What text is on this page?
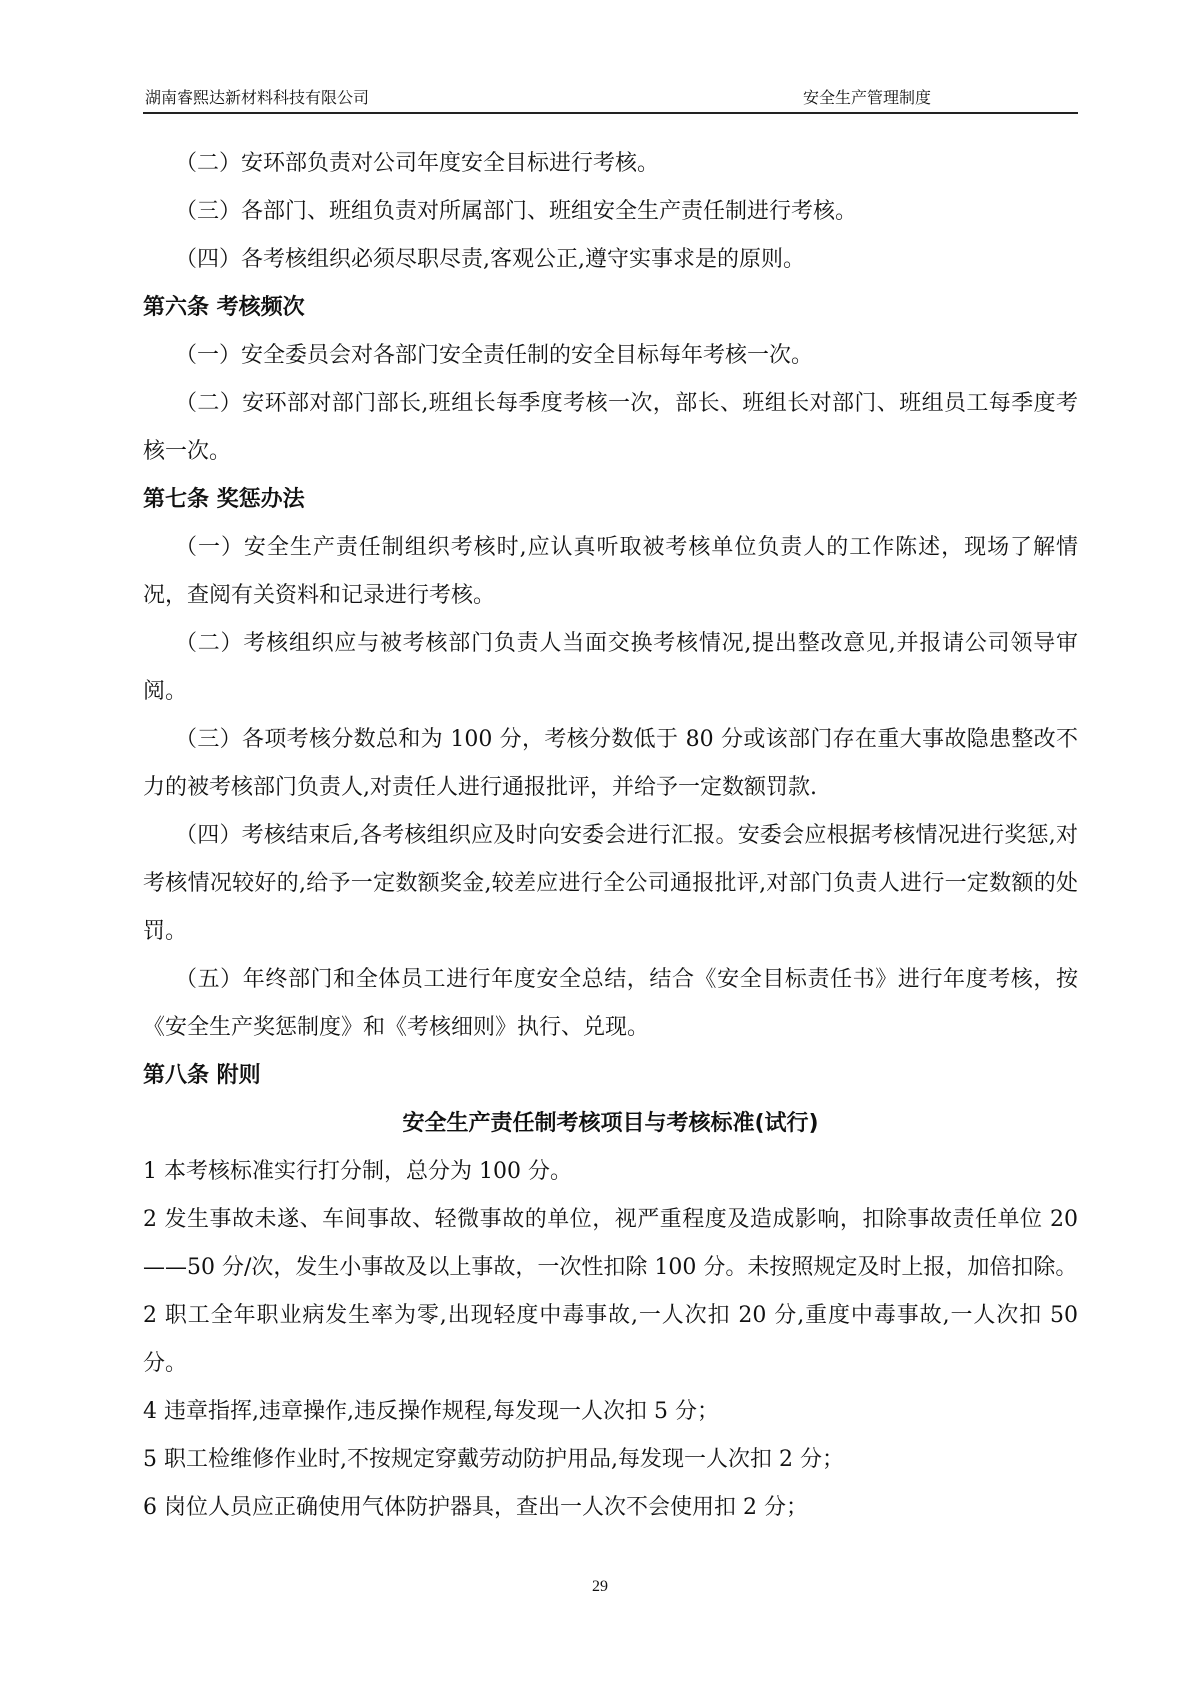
湖南睿熙达新材料科技有限公司	安全生产管理制度

（二）安环部负责对公司年度安全目标进行考核。

（三）各部门、班组负责对所属部门、班组安全生产责任制进行考核。

（四）各考核组织必须尽职尽责,客观公正,遵守实事求是的原则。

第六条 考核频次

（一）安全委员会对各部门安全责任制的安全目标每年考核一次。

（二）安环部对部门部长,班组长每季度考核一次，部长、班组长对部门、班组员工每季度考核一次。

第七条 奖惩办法

（一）安全生产责任制组织考核时,应认真听取被考核单位负责人的工作陈述，现场了解情况，查阅有关资料和记录进行考核。

（二）考核组织应与被考核部门负责人当面交换考核情况,提出整改意见,并报请公司领导审阅。

（三）各项考核分数总和为 100 分，考核分数低于 80 分或该部门存在重大事故隐患整改不力的被考核部门负责人,对责任人进行通报批评，并给予一定数额罚款.

（四）考核结束后,各考核组织应及时向安委会进行汇报。安委会应根据考核情况进行奖惩,对考核情况较好的,给予一定数额奖金,较差应进行全公司通报批评,对部门负责人进行一定数额的处罚。

（五）年终部门和全体员工进行年度安全总结，结合《安全目标责任书》进行年度考核，按《安全生产奖惩制度》和《考核细则》执行、兑现。

第八条 附则

安全生产责任制考核项目与考核标准(试行)

1 本考核标准实行打分制，总分为 100 分。

2 发生事故未遂、车间事故、轻微事故的单位，视严重程度及造成影响，扣除事故责任单位 20——50 分/次，发生小事故及以上事故，一次性扣除 100 分。未按照规定及时上报，加倍扣除。

2 职工全年职业病发生率为零,出现轻度中毒事故,一人次扣 20 分,重度中毒事故,一人次扣 50 分。

4 违章指挥,违章操作,违反操作规程,每发现一人次扣 5 分；

5 职工检维修作业时,不按规定穿戴劳动防护用品,每发现一人次扣 2 分；

6 岗位人员应正确使用气体防护器具，查出一人次不会使用扣 2 分；

29
